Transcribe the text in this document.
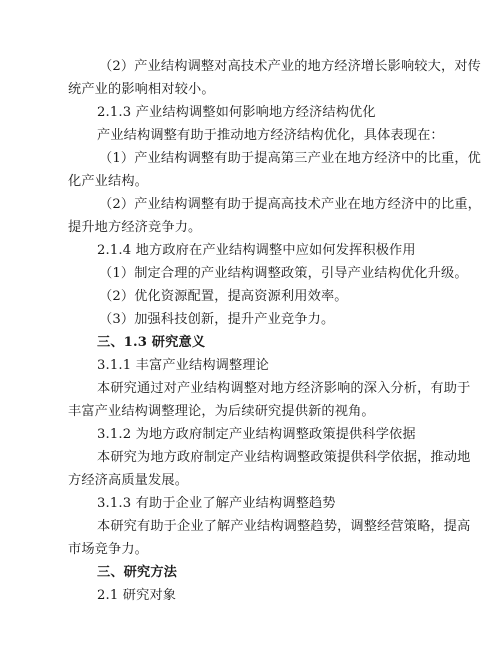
（2）产业结构调整对高技术产业的地方经济增长影响较大，对传
统产业的影响相对较小。
2.1.3 产业结构调整如何影响地方经济结构优化
产业结构调整有助于推动地方经济结构优化，具体表现在：
（1）产业结构调整有助于提高第三产业在地方经济中的比重，优
化产业结构。
（2）产业结构调整有助于提高高技术产业在地方经济中的比重，
提升地方经济竞争力。
2.1.4 地方政府在产业结构调整中应如何发挥积极作用
（1）制定合理的产业结构调整政策，引导产业结构优化升级。
（2）优化资源配置，提高资源利用效率。
（3）加强科技创新，提升产业竞争力。
三、1.3 研究意义
3.1.1 丰富产业结构调整理论
本研究通过对产业结构调整对地方经济影响的深入分析，有助于
丰富产业结构调整理论，为后续研究提供新的视角。
3.1.2 为地方政府制定产业结构调整政策提供科学依据
本研究为地方政府制定产业结构调整政策提供科学依据，推动地
方经济高质量发展。
3.1.3 有助于企业了解产业结构调整趋势
本研究有助于企业了解产业结构调整趋势，调整经营策略，提高
市场竞争力。
三、研究方法
2.1 研究对象
